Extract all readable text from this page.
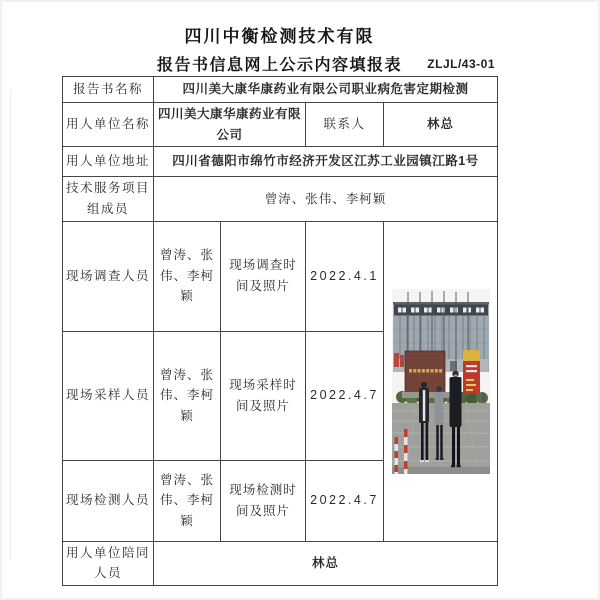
四川中衡检测技术有限
报告书信息网上公示内容填报表 ZLJL/43-01
报告书名称	四川美大康华康药业有限公司职业病危害定期检测			
用人单位名称	四川美大康华康药业有限公司		联系人	林总
用人单位地址	四川省德阳市绵竹市经济开发区江苏工业园镇江路1号			
技术服务项目组成员	曾涛、张伟、李柯颖			
现场调查人员	曾涛、张伟、李柯颖	现场调查时间及照片	2022.4.1	

现场采样人员	曾涛、张伟、李柯颖	现场采样时间及照片	2022.4.7	
现场检测人员	曾涛、张伟、李柯颖	现场检测时间及照片	2022.4.7	
用人单位陪同人员	林总			
